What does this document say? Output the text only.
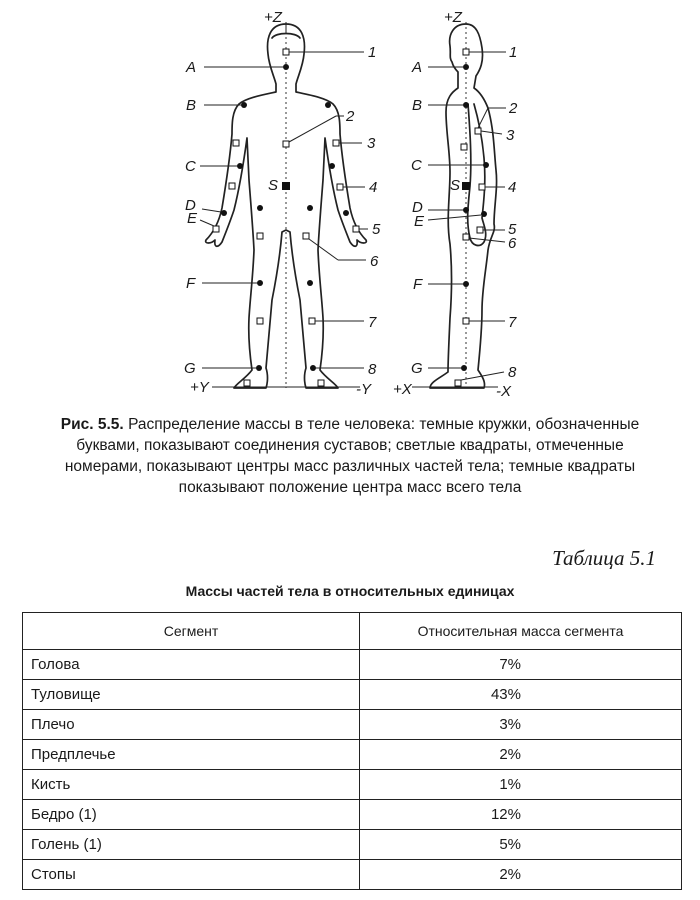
+Z
+Y	-Y
A
B
C
D
E
F
G
1
2
3
4
5
6
7
8
S
+Z
+X	-X
A
B
C
D
E
F
G
1
2
3
4
5
6
7
8
S
Рис. 5.5. Распределение массы в теле человека: темные кружки, обозначенные буквами, показывают соединения суставов; светлые квадраты, отмеченные номерами, показывают центры масс различных частей тела; темные квадраты показывают положение центра масс всего тела
Таблица 5.1
Массы частей тела в относительных единицах
Сегмент	Относительная масса сегмента
Голова	7%
Туловище	43%
Плечо	3%
Предплечье	2%
Кисть	1%
Бедро (1)	12%
Голень (1)	5%
Стопы	2%
